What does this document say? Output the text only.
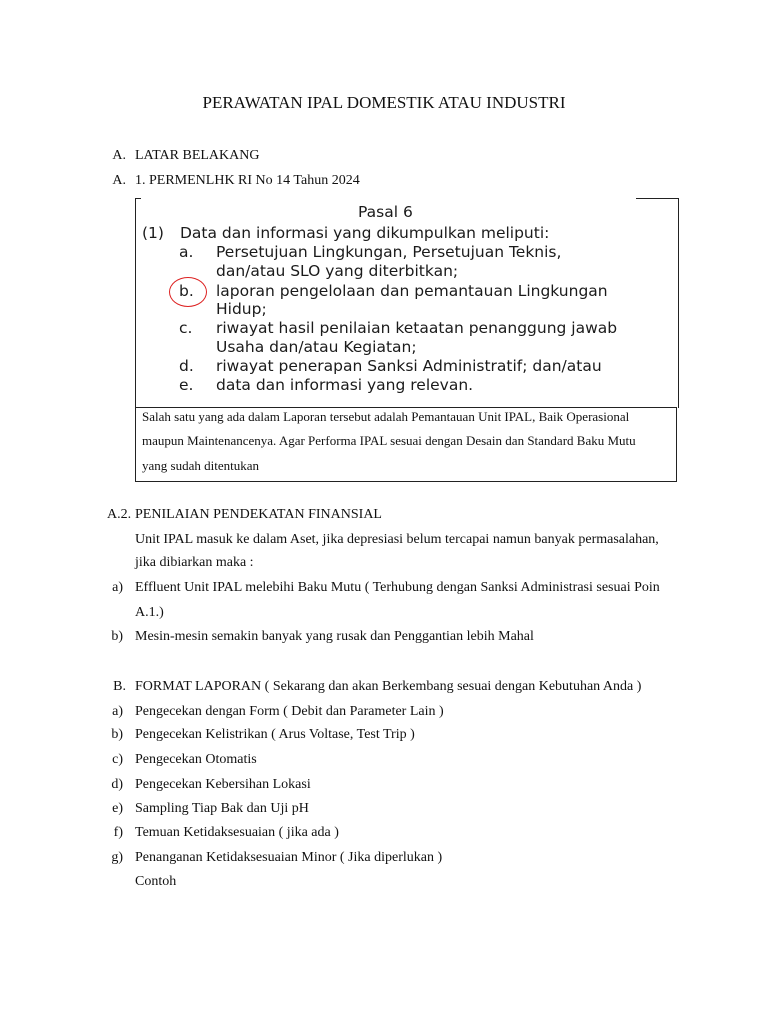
PERAWATAN IPAL DOMESTIK ATAU INDUSTRI
A. LATAR BELAKANG
A. 1. PERMENLHK RI No 14 Tahun 2024
Pasal 6
(1) Data dan informasi yang dikumpulkan meliputi:
a. Persetujuan Lingkungan, Persetujuan Teknis,
dan/atau SLO yang diterbitkan;
b. laporan pengelolaan dan pemantauan Lingkungan
Hidup;
c. riwayat hasil penilaian ketaatan penanggung jawab
Usaha dan/atau Kegiatan;
d. riwayat penerapan Sanksi Administratif; dan/atau
e. data dan informasi yang relevan.
Salah satu yang ada dalam Laporan tersebut adalah Pemantauan Unit IPAL, Baik Operasional
maupun Maintenancenya. Agar Performa IPAL sesuai dengan Desain dan Standard Baku Mutu
yang sudah ditentukan
A.2. PENILAIAN PENDEKATAN FINANSIAL
Unit IPAL masuk ke dalam Aset, jika depresiasi belum tercapai namun banyak permasalahan,
jika dibiarkan maka :
a) Effluent Unit IPAL melebihi Baku Mutu ( Terhubung dengan Sanksi Administrasi sesuai Poin
A.1.)
b) Mesin-mesin semakin banyak yang rusak dan Penggantian lebih Mahal
B. FORMAT LAPORAN ( Sekarang dan akan Berkembang sesuai dengan Kebutuhan Anda )
a) Pengecekan dengan Form ( Debit dan Parameter Lain )
b) Pengecekan Kelistrikan ( Arus Voltase, Test Trip )
c) Pengecekan Otomatis
d) Pengecekan Kebersihan Lokasi
e) Sampling Tiap Bak dan Uji pH
f) Temuan Ketidaksesuaian ( jika ada )
g) Penanganan Ketidaksesuaian Minor ( Jika diperlukan )
Contoh
